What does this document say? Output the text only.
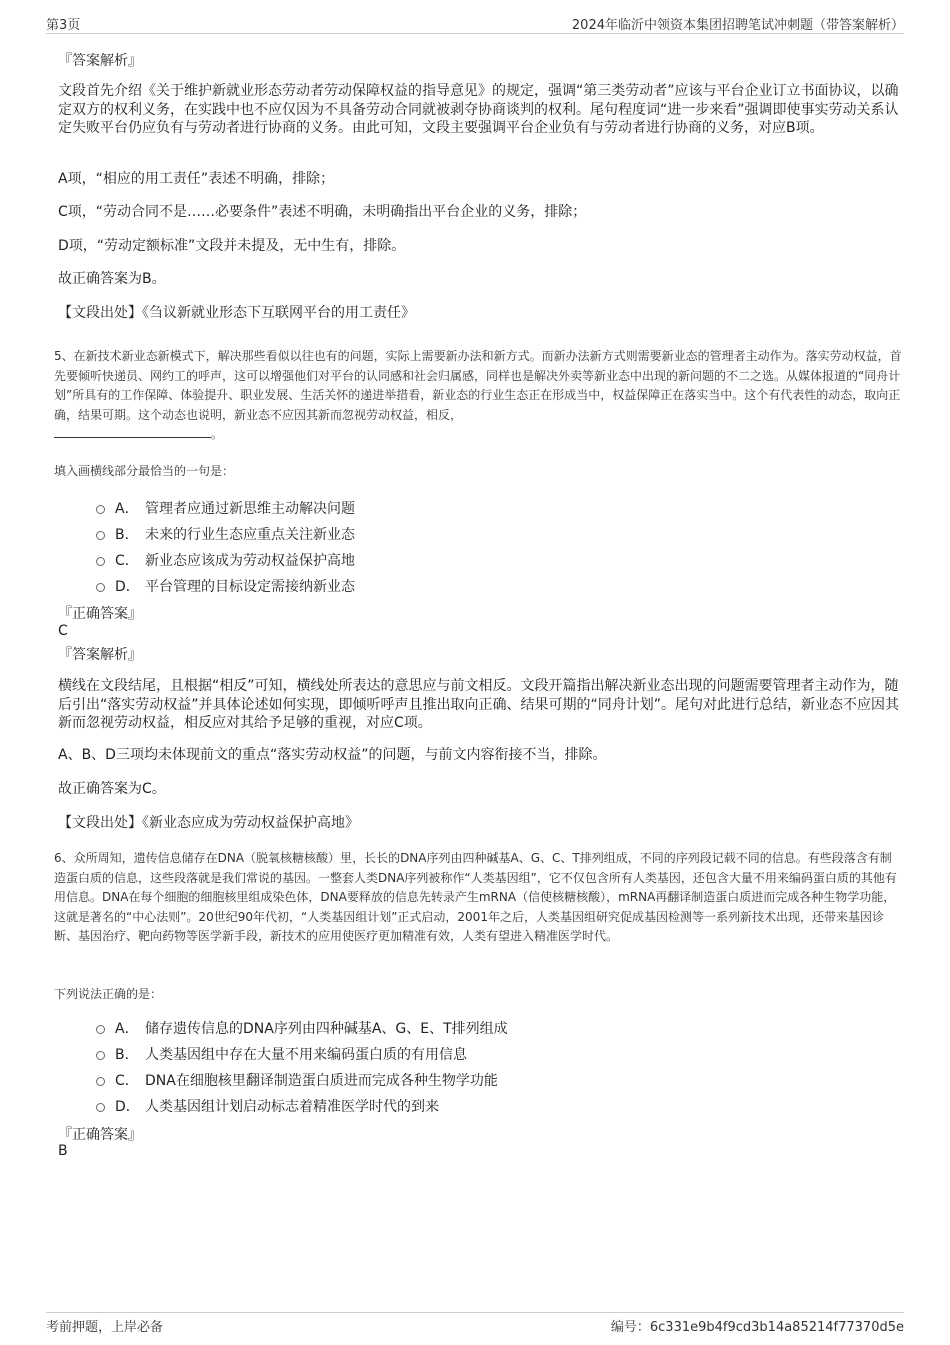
第3页	2024年临沂中领资本集团招聘笔试冲刺题（带答案解析）
『答案解析』
文段首先介绍《关于维护新就业形态劳动者劳动保障权益的指导意见》的规定，强调“第三类劳动者”应该与平台企业订立书面协议，以确定双方的权利义务，在实践中也不应仅因为不具备劳动合同就被剥夺协商谈判的权利。尾句程度词“进一步来看”强调即使事实劳动关系认定失败平台仍应负有与劳动者进行协商的义务。由此可知，文段主要强调平台企业负有与劳动者进行协商的义务，对应B项。
A项，“相应的用工责任”表述不明确，排除；
C项，“劳动合同不是……必要条件”表述不明确，未明确指出平台企业的义务，排除；
D项，“劳动定额标准”文段并未提及，无中生有，排除。
故正确答案为B。
【文段出处】《刍议新就业形态下互联网平台的用工责任》
5、在新技术新业态新模式下，解决那些看似以往也有的问题，实际上需要新办法和新方式。而新办法新方式则需要新业态的管理者主动作为。落实劳动权益，首先要倾听快递员、网约工的呼声，这可以增强他们对平台的认同感和社会归属感，同样也是解决外卖等新业态中出现的新问题的不二之选。从媒体报道的“同舟计划”所具有的工作保障、体验提升、职业发展、生活关怀的递进举措看，新业态的行业生态正在形成当中，权益保障正在落实当中。这个有代表性的动态，取向正确，结果可期。这个动态也说明，新业态不应因其新而忽视劳动权益，相反，
。
填入画横线部分最恰当的一句是：
A． 管理者应通过新思维主动解决问题
B． 未来的行业生态应重点关注新业态
C． 新业态应该成为劳动权益保护高地
D． 平台管理的目标设定需接纳新业态
『正确答案』
C
『答案解析』
横线在文段结尾，且根据“相反”可知，横线处所表达的意思应与前文相反。文段开篇指出解决新业态出现的问题需要管理者主动作为，随后引出“落实劳动权益”并具体论述如何实现，即倾听呼声且推出取向正确、结果可期的“同舟计划”。尾句对此进行总结，新业态不应因其新而忽视劳动权益，相反应对其给予足够的重视，对应C项。
A、B、D三项均未体现前文的重点“落实劳动权益”的问题，与前文内容衔接不当，排除。
故正确答案为C。
【文段出处】《新业态应成为劳动权益保护高地》
6、众所周知，遗传信息储存在DNA（脱氧核糖核酸）里，长长的DNA序列由四种碱基A、G、C、T排列组成，不同的序列段记载不同的信息。有些段落含有制造蛋白质的信息，这些段落就是我们常说的基因。一整套人类DNA序列被称作“人类基因组”，它不仅包含所有人类基因，还包含大量不用来编码蛋白质的其他有用信息。DNA在每个细胞的细胞核里组成染色体，DNA要释放的信息先转录产生mRNA（信使核糖核酸），mRNA再翻译制造蛋白质进而完成各种生物学功能，这就是著名的“中心法则”。20世纪90年代初，“人类基因组计划”正式启动，2001年之后，人类基因组研究促成基因检测等一系列新技术出现，还带来基因诊断、基因治疗、靶向药物等医学新手段，新技术的应用使医疗更加精准有效，人类有望进入精准医学时代。
下列说法正确的是：
A． 储存遗传信息的DNA序列由四种碱基A、G、E、T排列组成
B． 人类基因组中存在大量不用来编码蛋白质的有用信息
C． DNA在细胞核里翻译制造蛋白质进而完成各种生物学功能
D． 人类基因组计划启动标志着精准医学时代的到来
『正确答案』
B
考前押题，上岸必备	编号：6c331e9b4f9cd3b14a85214f77370d5e
